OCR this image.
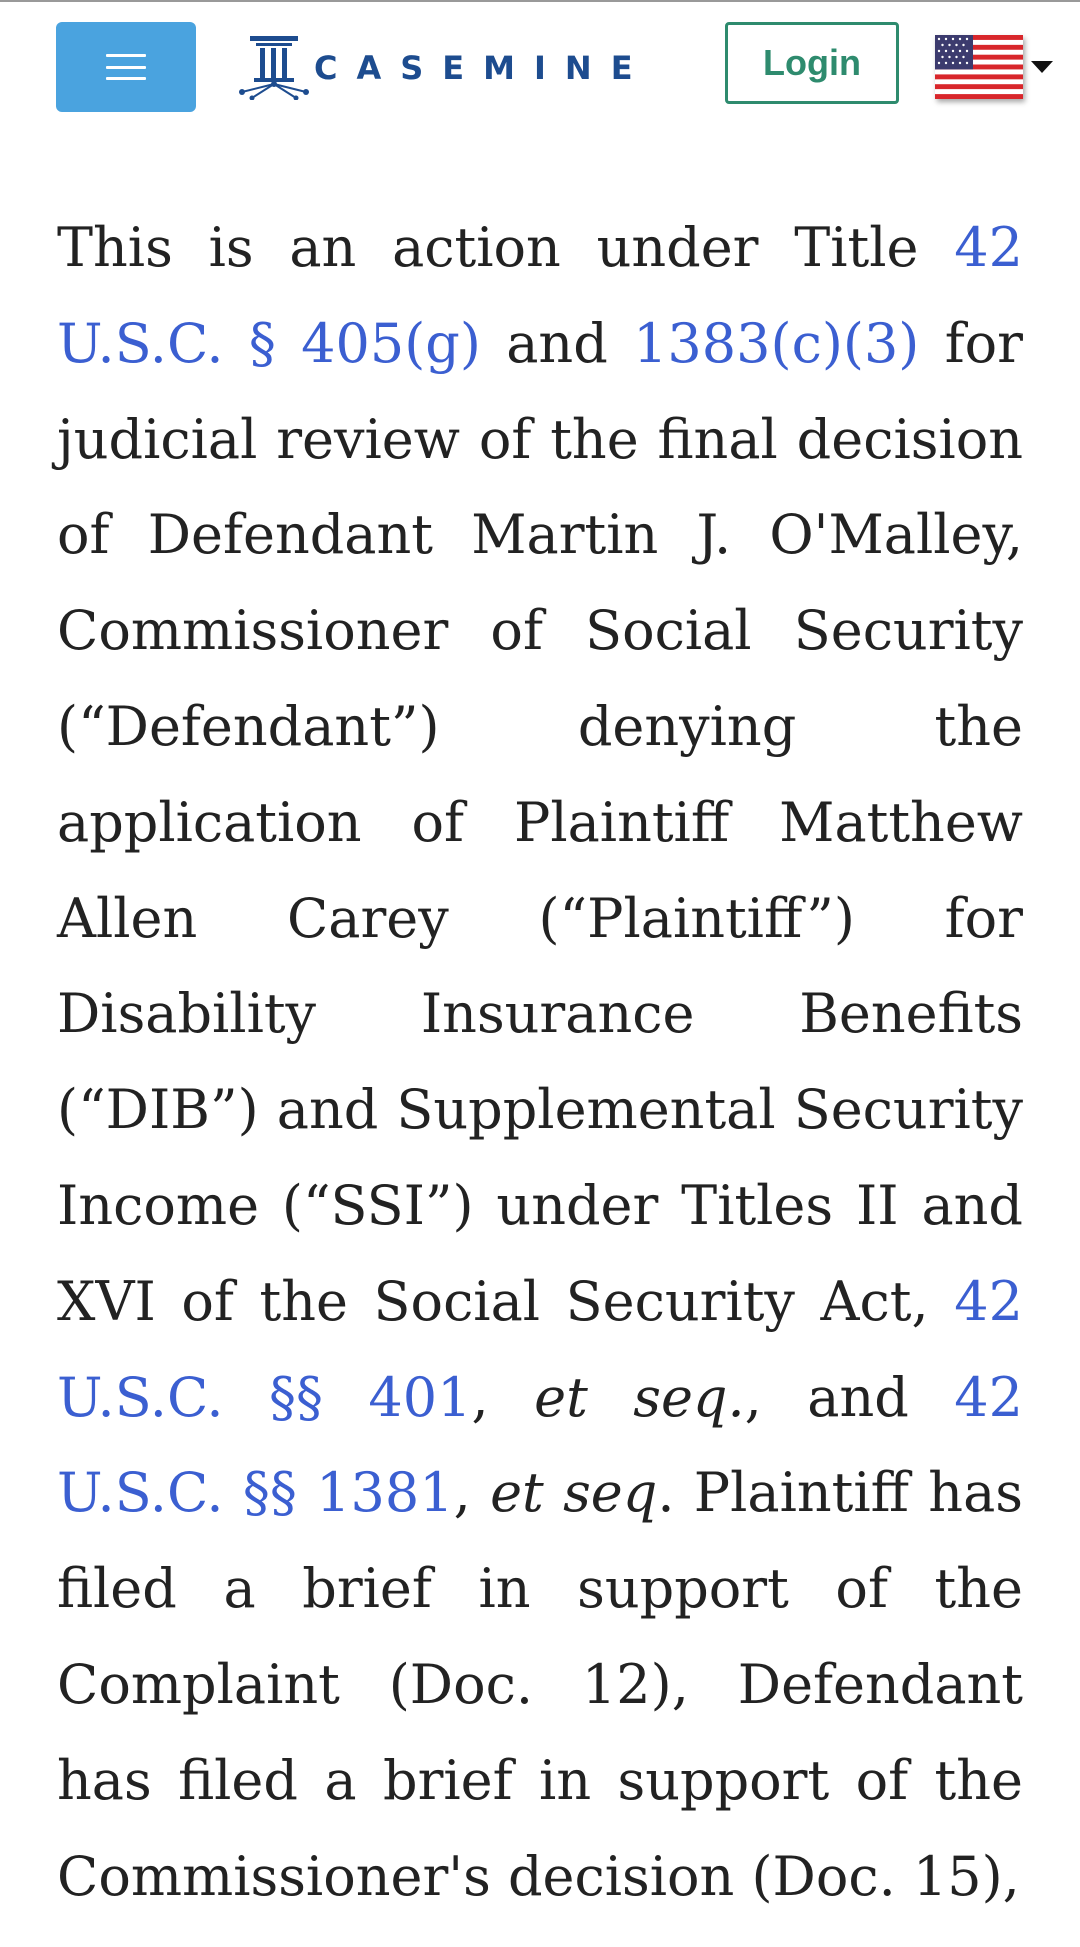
CASEMINE	Login

This is an action under Title 42 U.S.C. § 405(g) and 1383(c)(3) for judicial review of the final decision of Defendant Martin J. O'Malley, Commissioner of Social Security (“Defendant”) denying the application of Plaintiff Matthew Allen Carey (“Plaintiff”) for Disability Insurance Benefits (“DIB”) and Supplemental Security Income (“SSI”) under Titles II and XVI of the Social Security Act, 42 U.S.C. §§ 401, et seq., and 42 U.S.C. §§ 1381, et seq. Plaintiff has filed a brief in support of the Complaint (Doc. 12), Defendant has filed a brief in support of the Commissioner's decision (Doc. 15),
